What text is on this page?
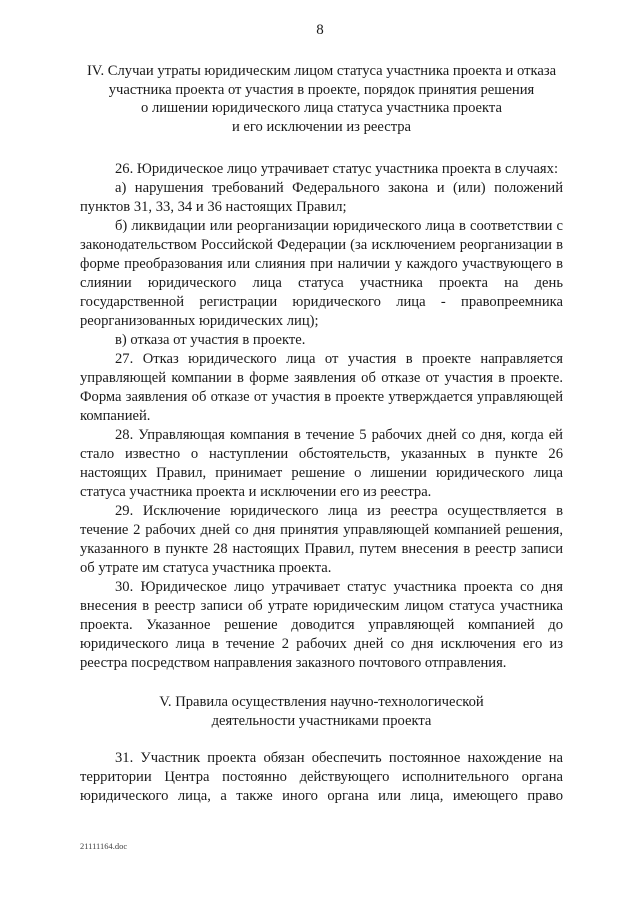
8
IV. Случаи утраты юридическим лицом статуса участника проекта и отказа
участника проекта от участия в проекте, порядок принятия решения
о лишении юридического лица статуса участника проекта
и его исключении из реестра

26. Юридическое лицо утрачивает статус участника проекта в случаях:

а) нарушения требований Федерального закона и (или) положений пунктов 31, 33, 34 и 36 настоящих Правил;

б) ликвидации или реорганизации юридического лица в соответствии с законодательством Российской Федерации (за исключением реорганизации в форме преобразования или слияния при наличии у каждого участвующего в слиянии юридического лица статуса участника проекта на день государственной регистрации юридического лица - правопреемника реорганизованных юридических лиц);

в) отказа от участия в проекте.

27. Отказ юридического лица от участия в проекте направляется управляющей компании в форме заявления об отказе от участия в проекте. Форма заявления об отказе от участия в проекте утверждается управляющей компанией.

28. Управляющая компания в течение 5 рабочих дней со дня, когда ей стало известно о наступлении обстоятельств, указанных в пункте 26 настоящих Правил, принимает решение о лишении юридического лица статуса участника проекта и исключении его из реестра.

29. Исключение юридического лица из реестра осуществляется в течение 2 рабочих дней со дня принятия управляющей компанией решения, указанного в пункте 28 настоящих Правил, путем внесения в реестр записи об утрате им статуса участника проекта.

30. Юридическое лицо утрачивает статус участника проекта со дня внесения в реестр записи об утрате юридическим лицом статуса участника проекта. Указанное решение доводится управляющей компанией до юридического лица в течение 2 рабочих дней со дня исключения его из реестра посредством направления заказного почтового отправления.

V. Правила осуществления научно-технологической
деятельности участниками проекта

31. Участник проекта обязан обеспечить постоянное нахождение на территории Центра постоянно действующего исполнительного органа юридического лица, а также иного органа или лица, имеющего право

21111164.doc
